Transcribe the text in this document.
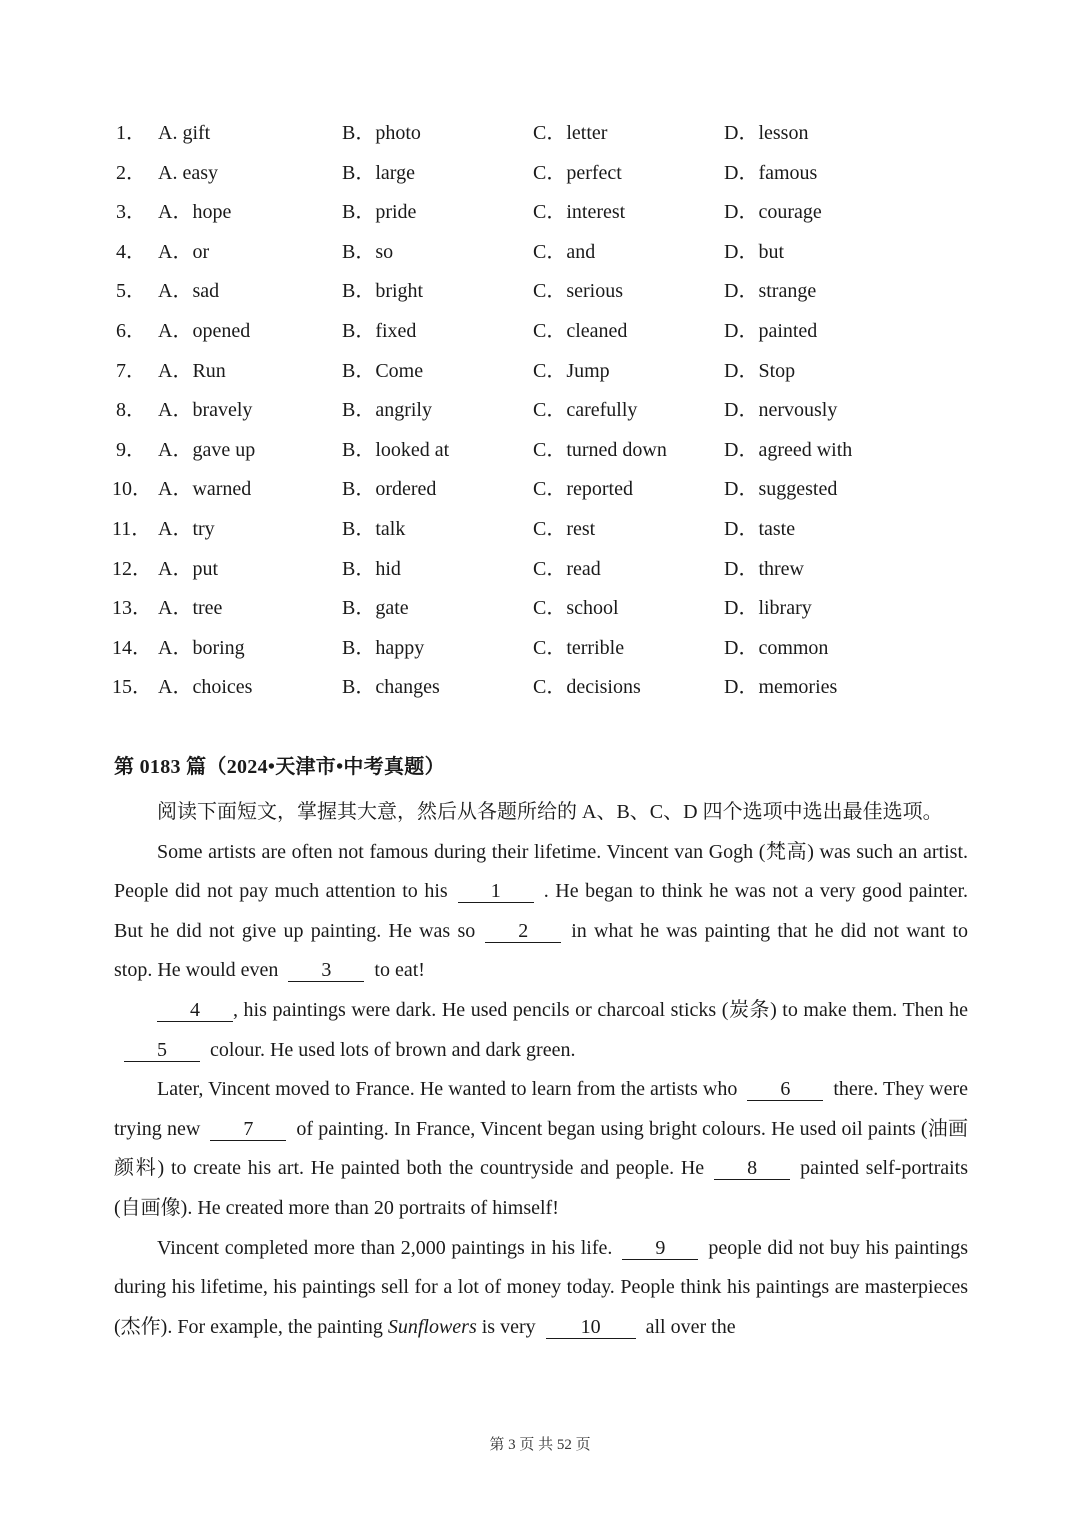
1． A. gift	B．photo	C．letter	D．lesson
2． A. easy	B．large	C．perfect	D．famous
3． A．hope	B．pride	C．interest	D．courage
4． A．or	B．so	C．and	D．but
5． A．sad	B．bright	C．serious	D．strange
6． A．opened	B．fixed	C．cleaned	D．painted
7． A．Run	B．Come	C．Jump	D．Stop
8． A．bravely	B．angrily	C．carefully	D．nervously
9． A．gave up	B．looked at	C．turned down	D．agreed with
10． A．warned	B．ordered	C．reported	D．suggested
11． A．try	B．talk	C．rest	D．taste
12． A．put	B．hid	C．read	D．threw
13． A．tree	B．gate	C．school	D．library
14． A．boring	B．happy	C．terrible	D．common
15． A．choices	B．changes	C．decisions	D．memories
第 0183 篇（2024•天津市•中考真题）

阅读下面短文，掌握其大意，然后从各题所给的 A、B、C、D 四个选项中选出最佳选项。

Some artists are often not famous during their lifetime. Vincent van Gogh (梵高) was such an artist. People did not pay much attention to his 1 . He began to think he was not a very good painter. But he did not give up painting. He was so 2 in what he was painting that he did not want to stop. He would even 3 to eat!

4 , his paintings were dark. He used pencils or charcoal sticks (炭条) to make them. Then he5 colour. He used lots of brown and dark green.

Later, Vincent moved to France. He wanted to learn from the artists who 6 there. They were trying new 7 of painting. In France, Vincent began using bright colours. He used oil paints (油画颜料) to create his art. He painted both the countryside and people. He 8 painted self-portraits (自画像). He created more than 20 portraits of himself!

Vincent completed more than 2,000 paintings in his life. 9 people did not buy his paintings during his lifetime, his paintings sell for a lot of money today. People think his paintings are masterpieces (杰作). For example, the painting Sunflowers is very 10 all over the

第 3 页 共 52 页
